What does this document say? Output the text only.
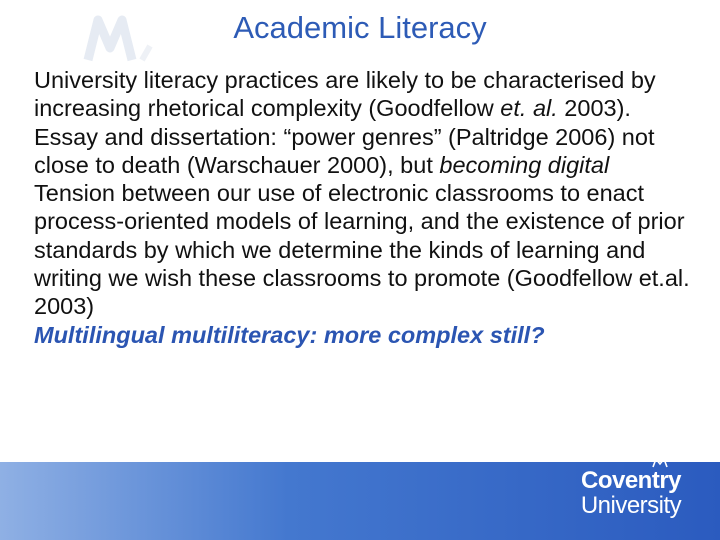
Academic Literacy

University literacy practices are likely to be characterised by increasing rhetorical complexity (Goodfellow et. al. 2003).

Essay and dissertation: “power genres” (Paltridge 2006) not close to death (Warschauer 2000), but becoming digital

Tension between our use of electronic classrooms to enact process-oriented models of learning, and the existence of prior standards by which we determine the kinds of learning and writing we wish these classrooms to promote (Goodfellow et.al. 2003)

Multilingual multiliteracy: more complex still?

Coventry
University
